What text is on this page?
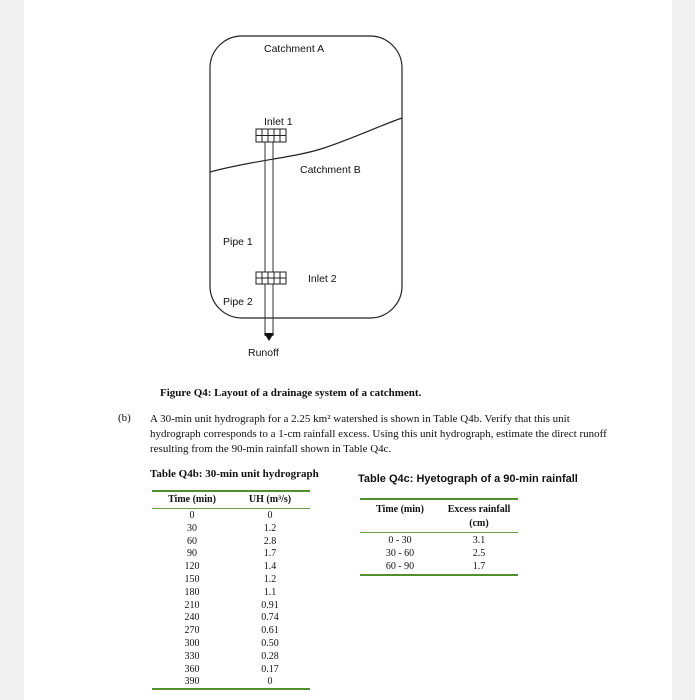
Catchment A
Inlet 1
Catchment B
Pipe 1
Inlet 2
Pipe 2
Runoff
Figure Q4: Layout of a drainage system of a catchment.
(b) A 30-min unit hydrograph for a 2.25 km² watershed is shown in Table Q4b. Verify that this unit hydrograph corresponds to a 1-cm rainfall excess. Using this unit hydrograph, estimate the direct runoff resulting from the 90-min rainfall shown in Table Q4c.
Table Q4b: 30-min unit hydrograph
Time (min)	UH (m³/s)
0	0
30	1.2
60	2.8
90	1.7
120	1.4
150	1.2
180	1.1
210	0.91
240	0.74
270	0.61
300	0.50
330	0.28
360	0.17
390	0
Table Q4c: Hyetograph of a 90-min rainfall
Time (min)	Excess rainfall
(cm)
0 - 30	3.1
30 - 60	2.5
60 - 90	1.7
